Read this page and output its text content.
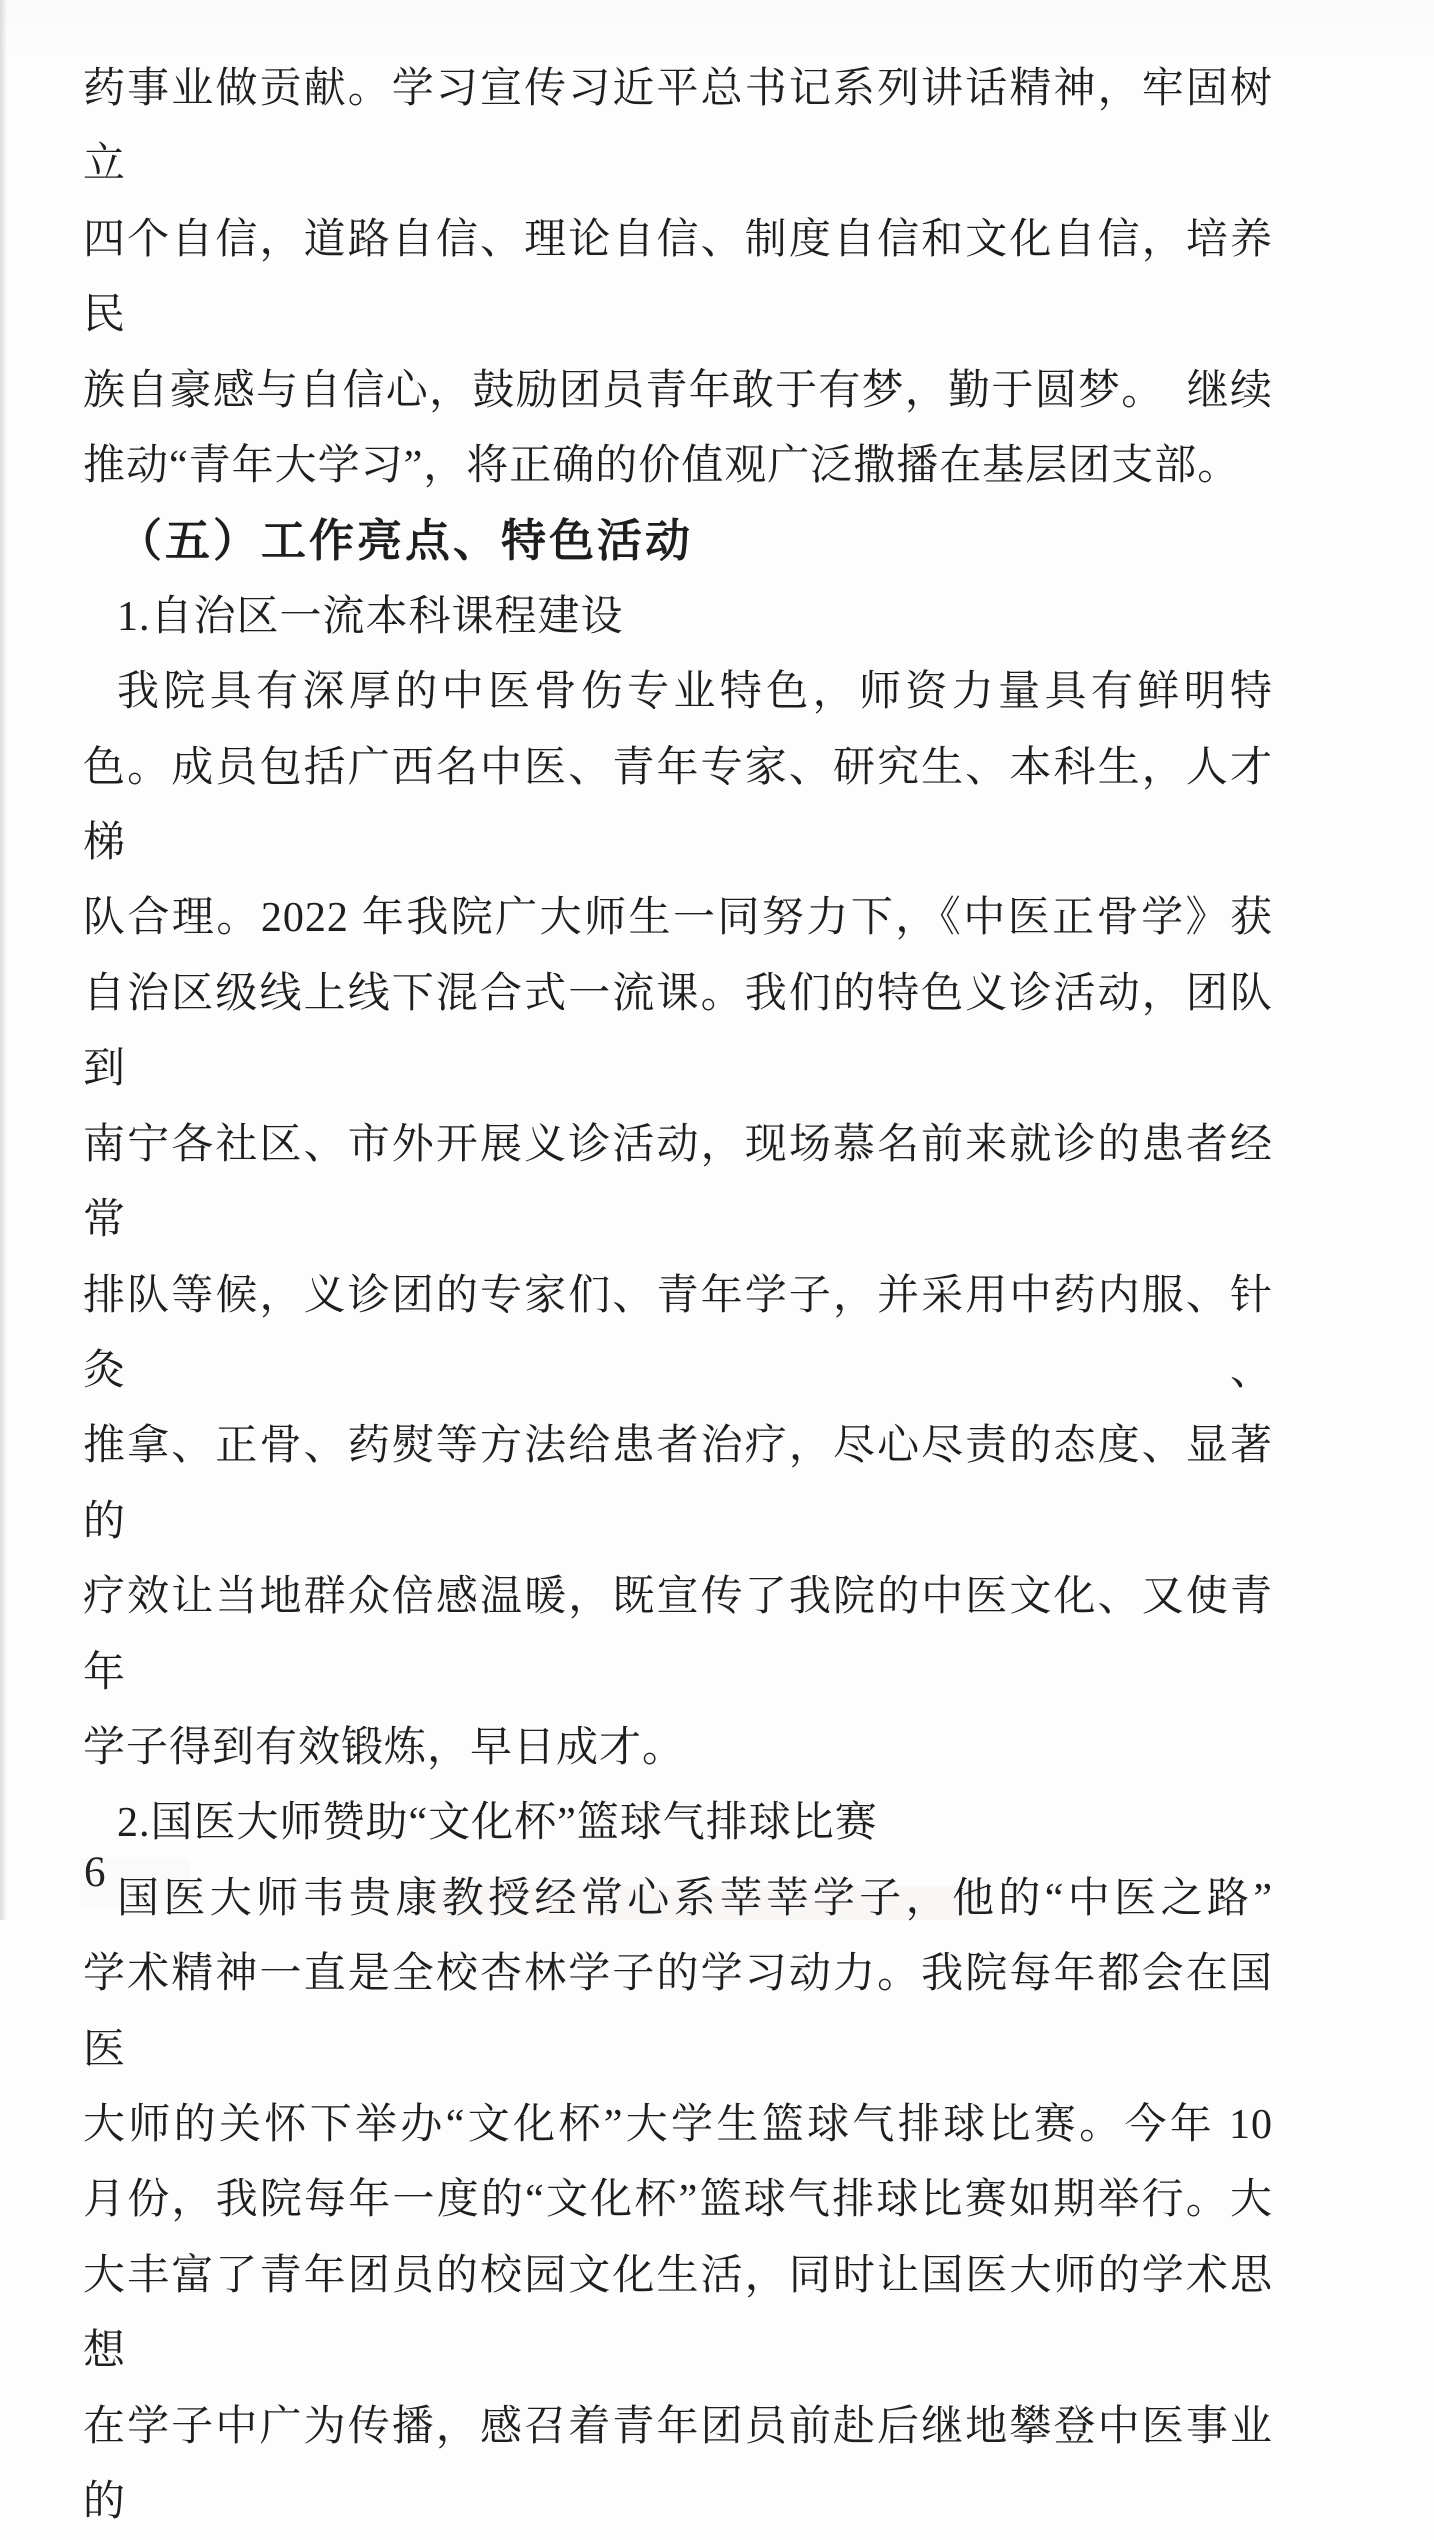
药事业做贡献。学习宣传习近平总书记系列讲话精神，牢固树立
四个自信，道路自信、理论自信、制度自信和文化自信，培养民
族自豪感与自信心，鼓励团员青年敢于有梦，勤于圆梦。　继续
推动“青年大学习”，将正确的价值观广泛撒播在基层团支部。
（五）工作亮点、特色活动
1.自治区一流本科课程建设
我院具有深厚的中医骨伤专业特色，师资力量具有鲜明特
色。成员包括广西名中医、青年专家、研究生、本科生，人才梯
队合理。2022 年我院广大师生一同努力下，《中医正骨学》获
自治区级线上线下混合式一流课。我们的特色义诊活动，团队到
南宁各社区、市外开展义诊活动，现场慕名前来就诊的患者经常
排队等候，义诊团的专家们、青年学子，并采用中药内服、针灸、
推拿、正骨、药熨等方法给患者治疗，尽心尽责的态度、显著的
疗效让当地群众倍感温暖，既宣传了我院的中医文化、又使青年
学子得到有效锻炼，早日成才。
2.国医大师赞助“文化杯”篮球气排球比赛
国医大师韦贵康教授经常心系莘莘学子，他的“中医之路”
学术精神一直是全校杏林学子的学习动力。我院每年都会在国医
大师的关怀下举办“文化杯”大学生篮球气排球比赛。今年 10
月份，我院每年一度的“文化杯”篮球气排球比赛如期举行。大
大丰富了青年团员的校园文化生活，同时让国医大师的学术思想
在学子中广为传播，感召着青年团员前赴后继地攀登中医事业的
6
